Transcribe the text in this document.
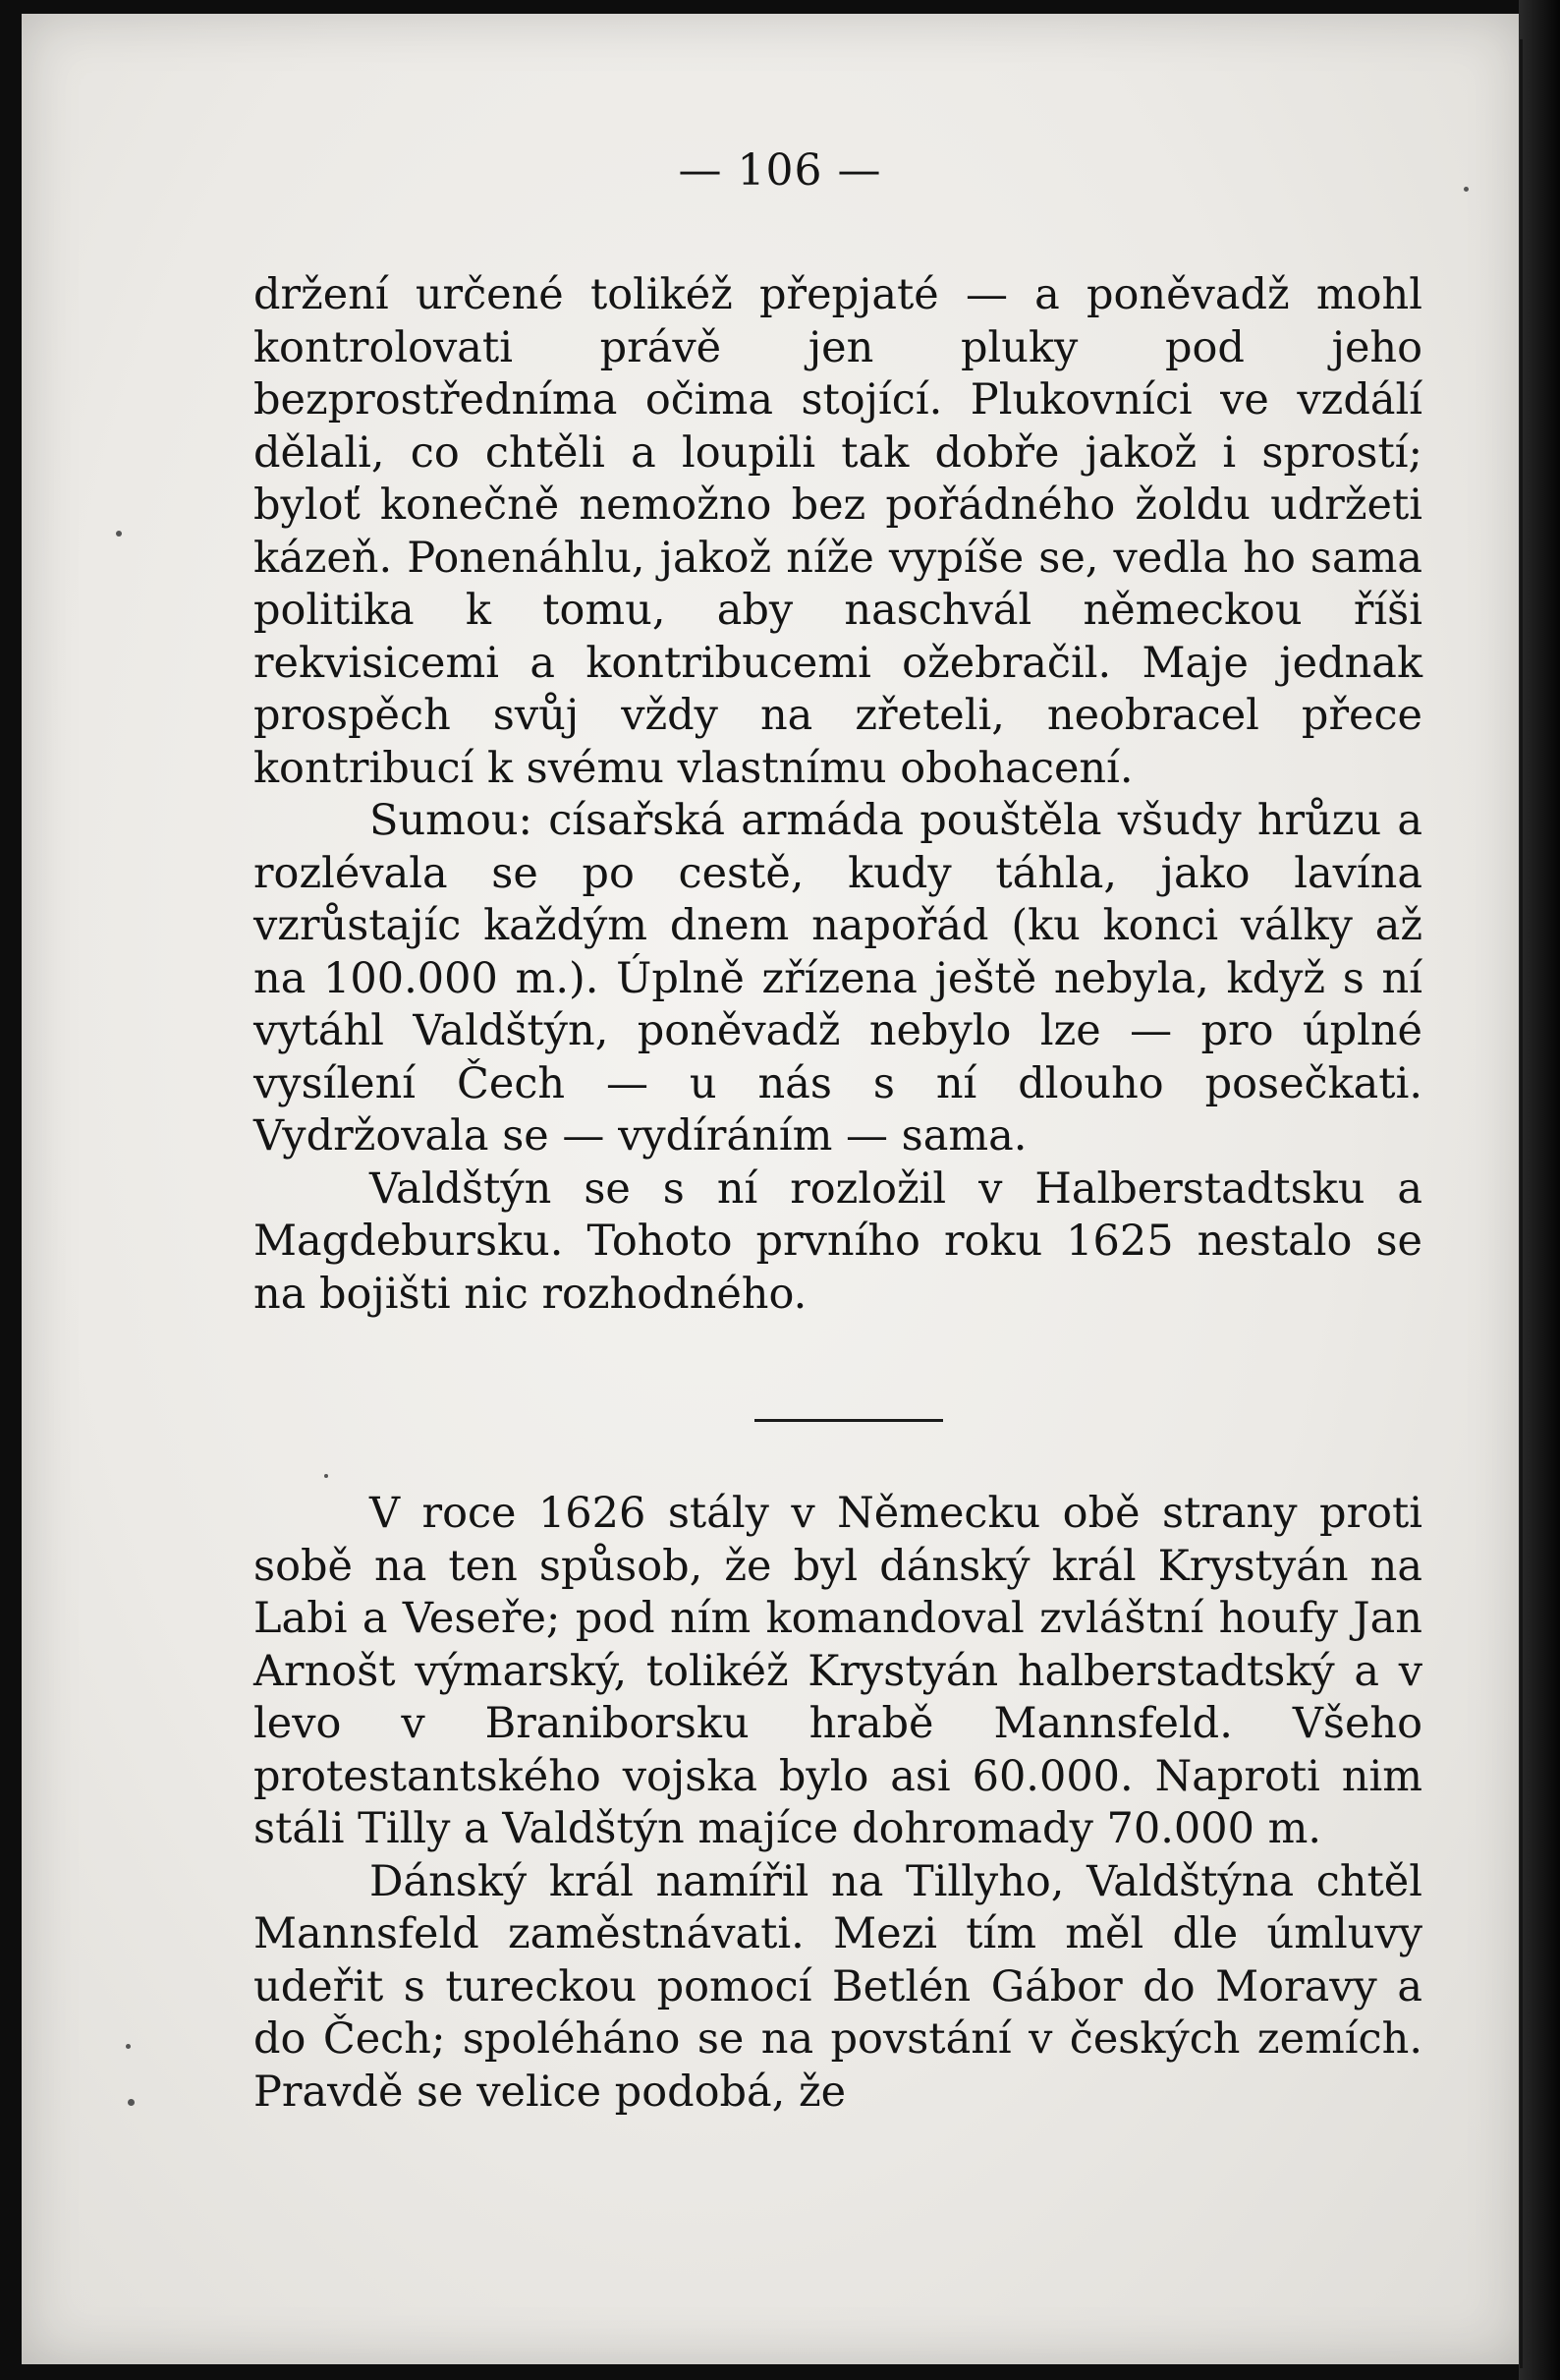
— 106 —

držení určené tolikéž přepjaté — a poněvadž mohl kontrolovati právě jen pluky pod jeho bezprostředníma očima stojící. Plukovníci ve vzdálí dělali, co chtěli a loupili tak dobře jakož i sprostí; bylоť konečně nemožno bez pořádného žoldu udržeti kázeň. Ponenáhlu, jakož níže vypíše se, vedla ho sama politika k tomu, aby naschvál německou říši rekvisicemi a kontribucemi ožebračil. Maje jednak prospěch svůj vždy na zřeteli, neobracel přece kontribucí k svému vlastnímu obohacení.

Sumou: císařská armáda pouštěla všudy hrůzu a rozlévala se po cestě, kudy táhla, jako lavína vzrůstajíc každým dnem napořád (ku konci války až na 100.000 m.). Úplně zřízena ještě nebyla, když s ní vytáhl Valdštýn, poněvadž nebylo lze — pro úplné vysílení Čech — u nás s ní dlouho posečkati. Vydržovala se — vydíráním — sama.

Valdštýn se s ní rozložil v Halberstadtsku a Magdebursku. Tohoto prvního roku 1625 nestalo se na bojišti nic rozhodného.

V roce 1626 stály v Německu obě strany proti sobě na ten spůsob, že byl dánský král Krystyán na Labi a Veseře; pod ním komandoval zvláštní houfy Jan Arnošt výmarský, tolikéž Krystyán halberstadtský a v levo v Braniborsku hrabě Mannsfeld. Všeho protestantského vojska bylo asi 60.000. Naproti nim stáli Tilly a Valdštýn majíce dohromady 70.000 m.

Dánský král namířil na Tillyho, Valdštýna chtěl Mannsfeld zaměstnávati. Mezi tím měl dle úmluvy udeřit s tureckou pomocí Betlén Gábor do Moravy a do Čech; spoléháno se na povstání v českých zemích. Pravdě se velice podobá, že
